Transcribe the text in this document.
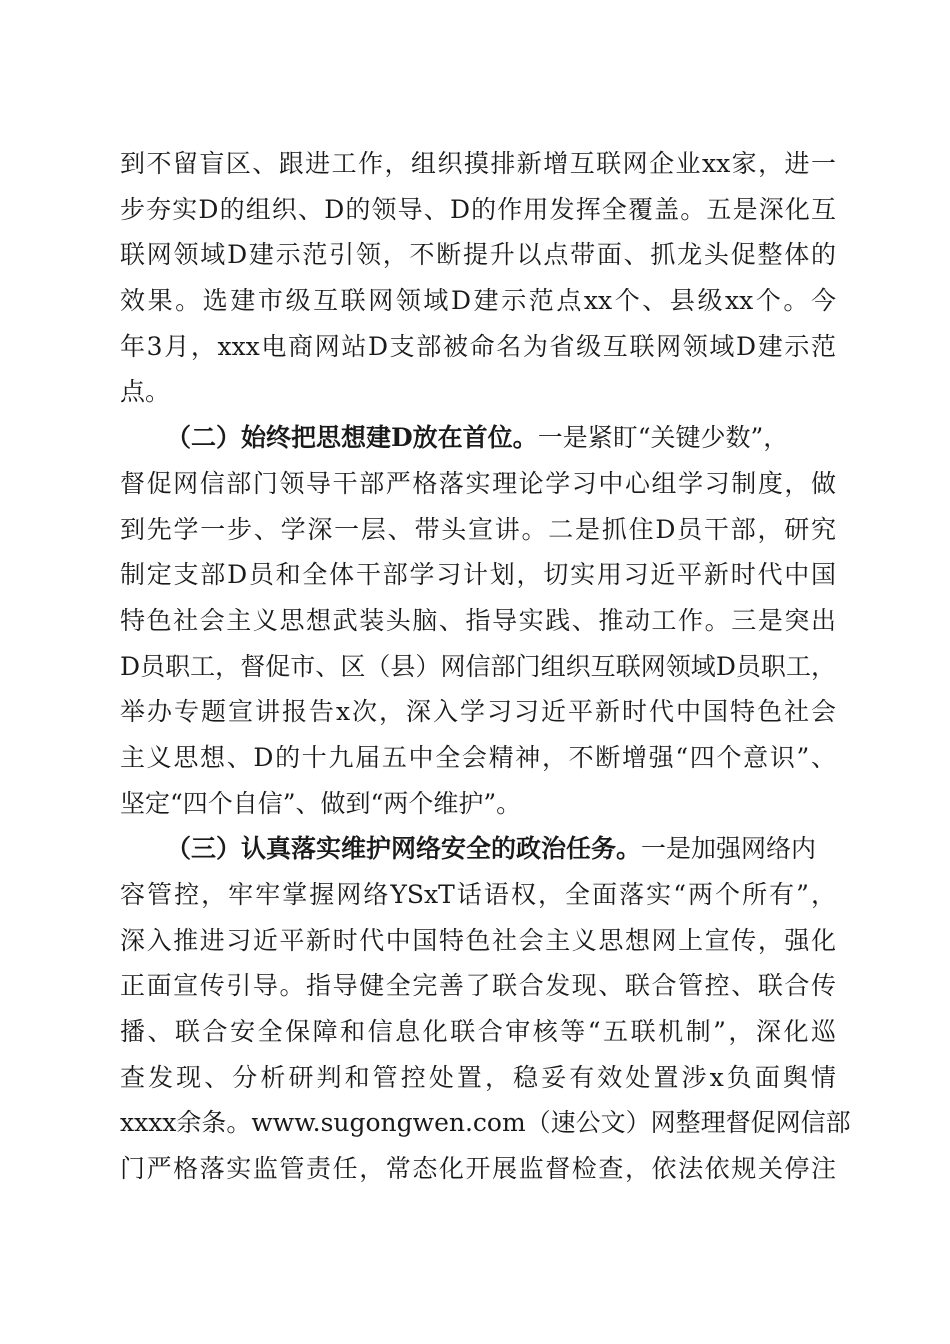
到不留盲区、跟进工作，组织摸排新增互联网企业xx家，进一
步夯实D的组织、D的领导、D的作用发挥全覆盖。五是深化互
联网领域D建示范引领，不断提升以点带面、抓龙头促整体的
效果。选建市级互联网领域D建示范点xx个、县级xx个。今
年3月，xxx电商网站D支部被命名为省级互联网领域D建示范
点。
（二）始终把思想建D放在首位。一是紧盯“关键少数”，
督促网信部门领导干部严格落实理论学习中心组学习制度，做
到先学一步、学深一层、带头宣讲。二是抓住D员干部，研究
制定支部D员和全体干部学习计划，切实用习近平新时代中国
特色社会主义思想武装头脑、指导实践、推动工作。三是突出
D员职工，督促市、区（县）网信部门组织互联网领域D员职工，
举办专题宣讲报告x次，深入学习习近平新时代中国特色社会
主义思想、D的十九届五中全会精神，不断增强“四个意识”、
坚定“四个自信”、做到“两个维护”。
（三）认真落实维护网络安全的政治任务。一是加强网络内
容管控，牢牢掌握网络YSxT话语权，全面落实“两个所有”，
深入推进习近平新时代中国特色社会主义思想网上宣传，强化
正面宣传引导。指导健全完善了联合发现、联合管控、联合传
播、联合安全保障和信息化联合审核等“五联机制”，深化巡
查发现、分析研判和管控处置，稳妥有效处置涉x负面舆情
xxxx余条。www.sugongwen.com（速公文）网整理督促网信部
门严格落实监管责任，常态化开展监督检查，依法依规关停注
